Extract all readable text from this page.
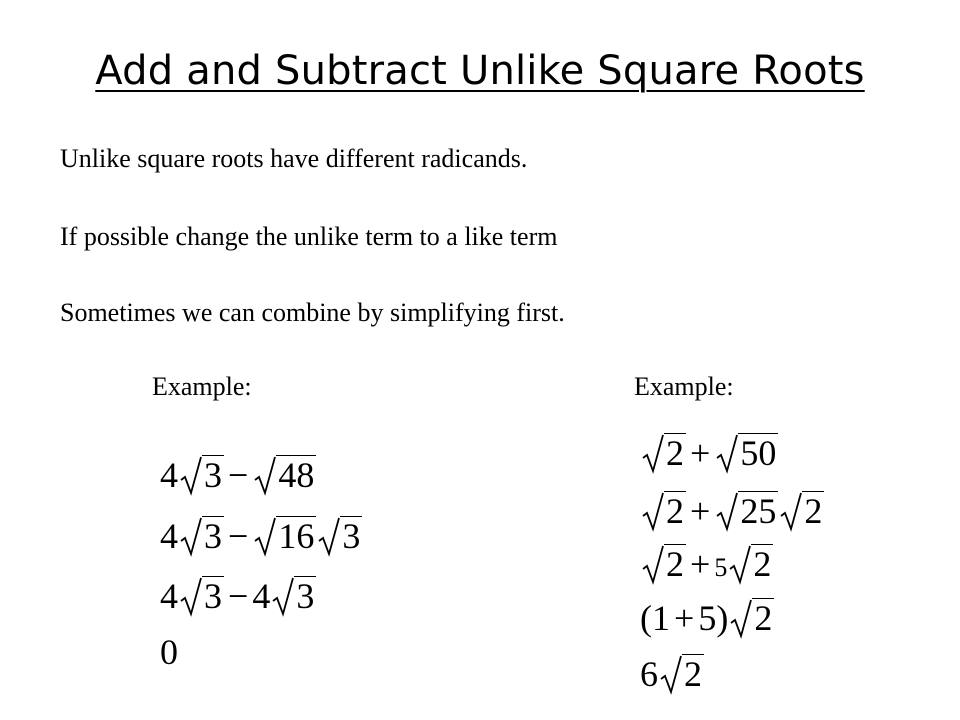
Add and Subtract Unlike Square Roots
Unlike square roots have different radicands.
If possible change the unlike term to a like term
Sometimes we can combine by simplifying first.
Example:	Example:
4 3 − 48
4 3 − 16 3
4 3 − 4 3
0
2 + 50
2 + 25 2
2 + 5 2
(1 + 5) 2
6 2
